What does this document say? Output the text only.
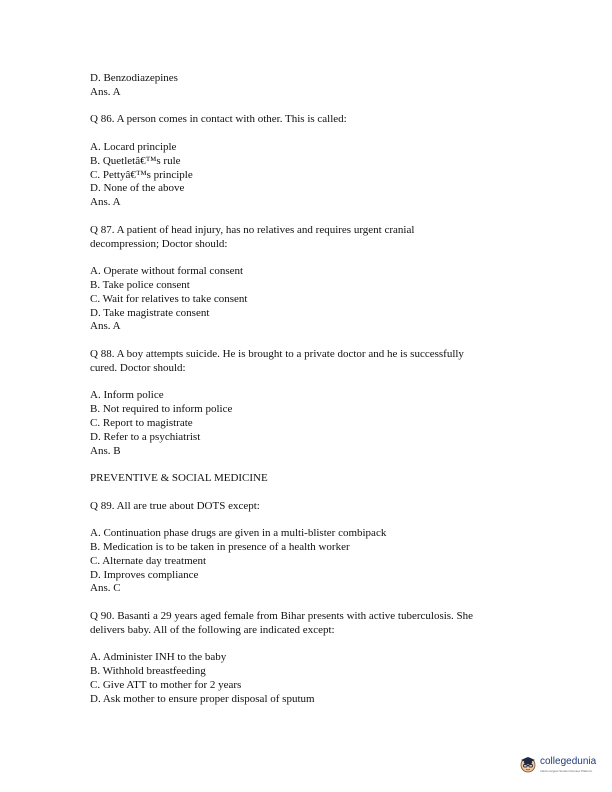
D. Benzodiazepines
Ans. A
Q 86. A person comes in contact with other. This is called:
A. Locard principle
B. Quetletâ€™s rule
C. Pettyâ€™s principle
D. None of the above
Ans. A
Q 87. A patient of head injury, has no relatives and requires urgent cranial
decompression; Doctor should:
A. Operate without formal consent
B. Take police consent
C. Wait for relatives to take consent
D. Take magistrate consent
Ans. A
Q 88. A boy attempts suicide. He is brought to a private doctor and he is successfully
cured. Doctor should:
A. Inform police
B. Not required to inform police
C. Report to magistrate
D. Refer to a psychiatrist
Ans. B
PREVENTIVE & SOCIAL MEDICINE
Q 89. All are true about DOTS except:
A. Continuation phase drugs are given in a multi-blister combipack
B. Medication is to be taken in presence of a health worker
C. Alternate day treatment
D. Improves compliance
Ans. C
Q 90. Basanti a 29 years aged female from Bihar presents with active tuberculosis. She
delivers baby. All of the following are indicated except:
A. Administer INH to the baby
B. Withhold breastfeeding
C. Give ATT to mother for 2 years
D. Ask mother to ensure proper disposal of sputum
collegedunia
India's largest Student Review Platform
